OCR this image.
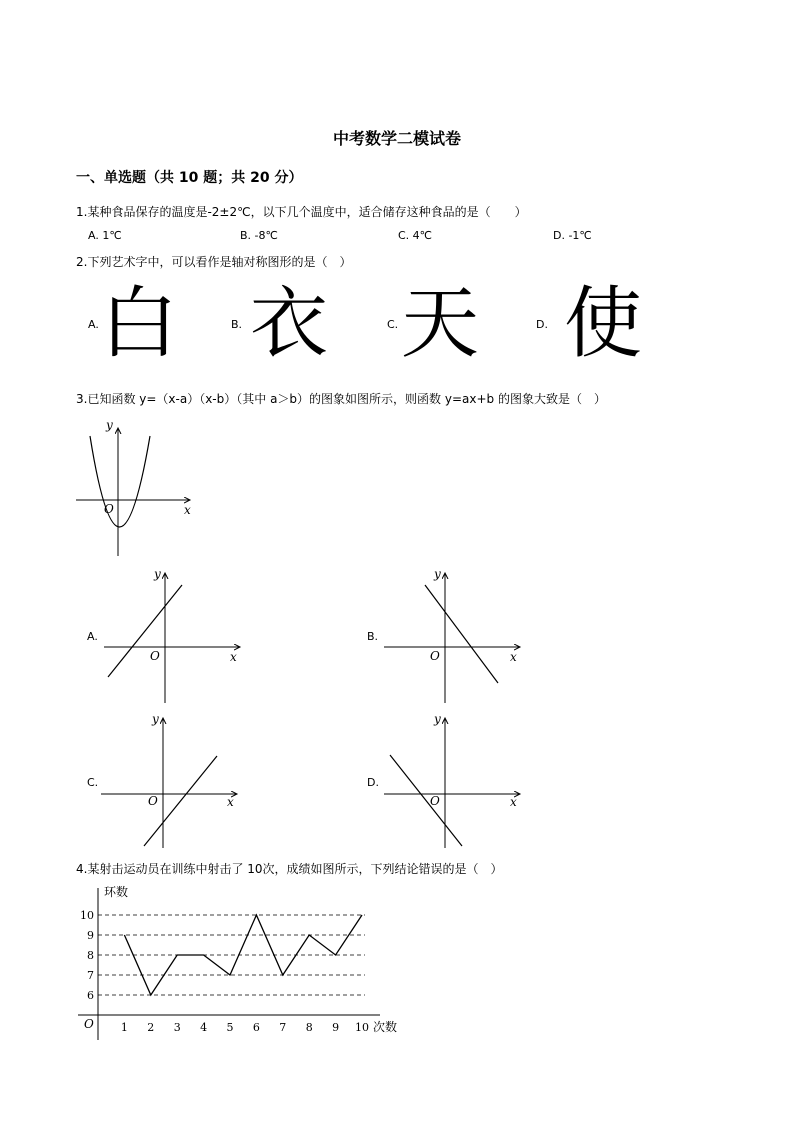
中考数学二模试卷
一、单选题（共 10 题；共 20 分）
1.某种食品保存的温度是-2±2℃，以下几个温度中，适合储存这种食品的是（　　）
A. 1℃	B. -8℃	C. 4℃	D. -1℃
2.下列艺术字中，可以看作是轴对称图形的是（　）
A. 白	B. 衣	C. 天	D. 使
3.已知函数 y=（x-a）（x-b）（其中 a＞b）的图象如图所示，则函数 y=ax+b 的图象大致是（　）
y
x
O
A.
y
x
O
B.
y
x
O
C.
y
x
O
D.
y
x
O
4.某射击运动员在训练中射击了 10次，成绩如图所示，下列结论错误的是（　）
6
7
8
9
10
1 2 3 4 5 6 7 8 9 10
环数
次数
O
